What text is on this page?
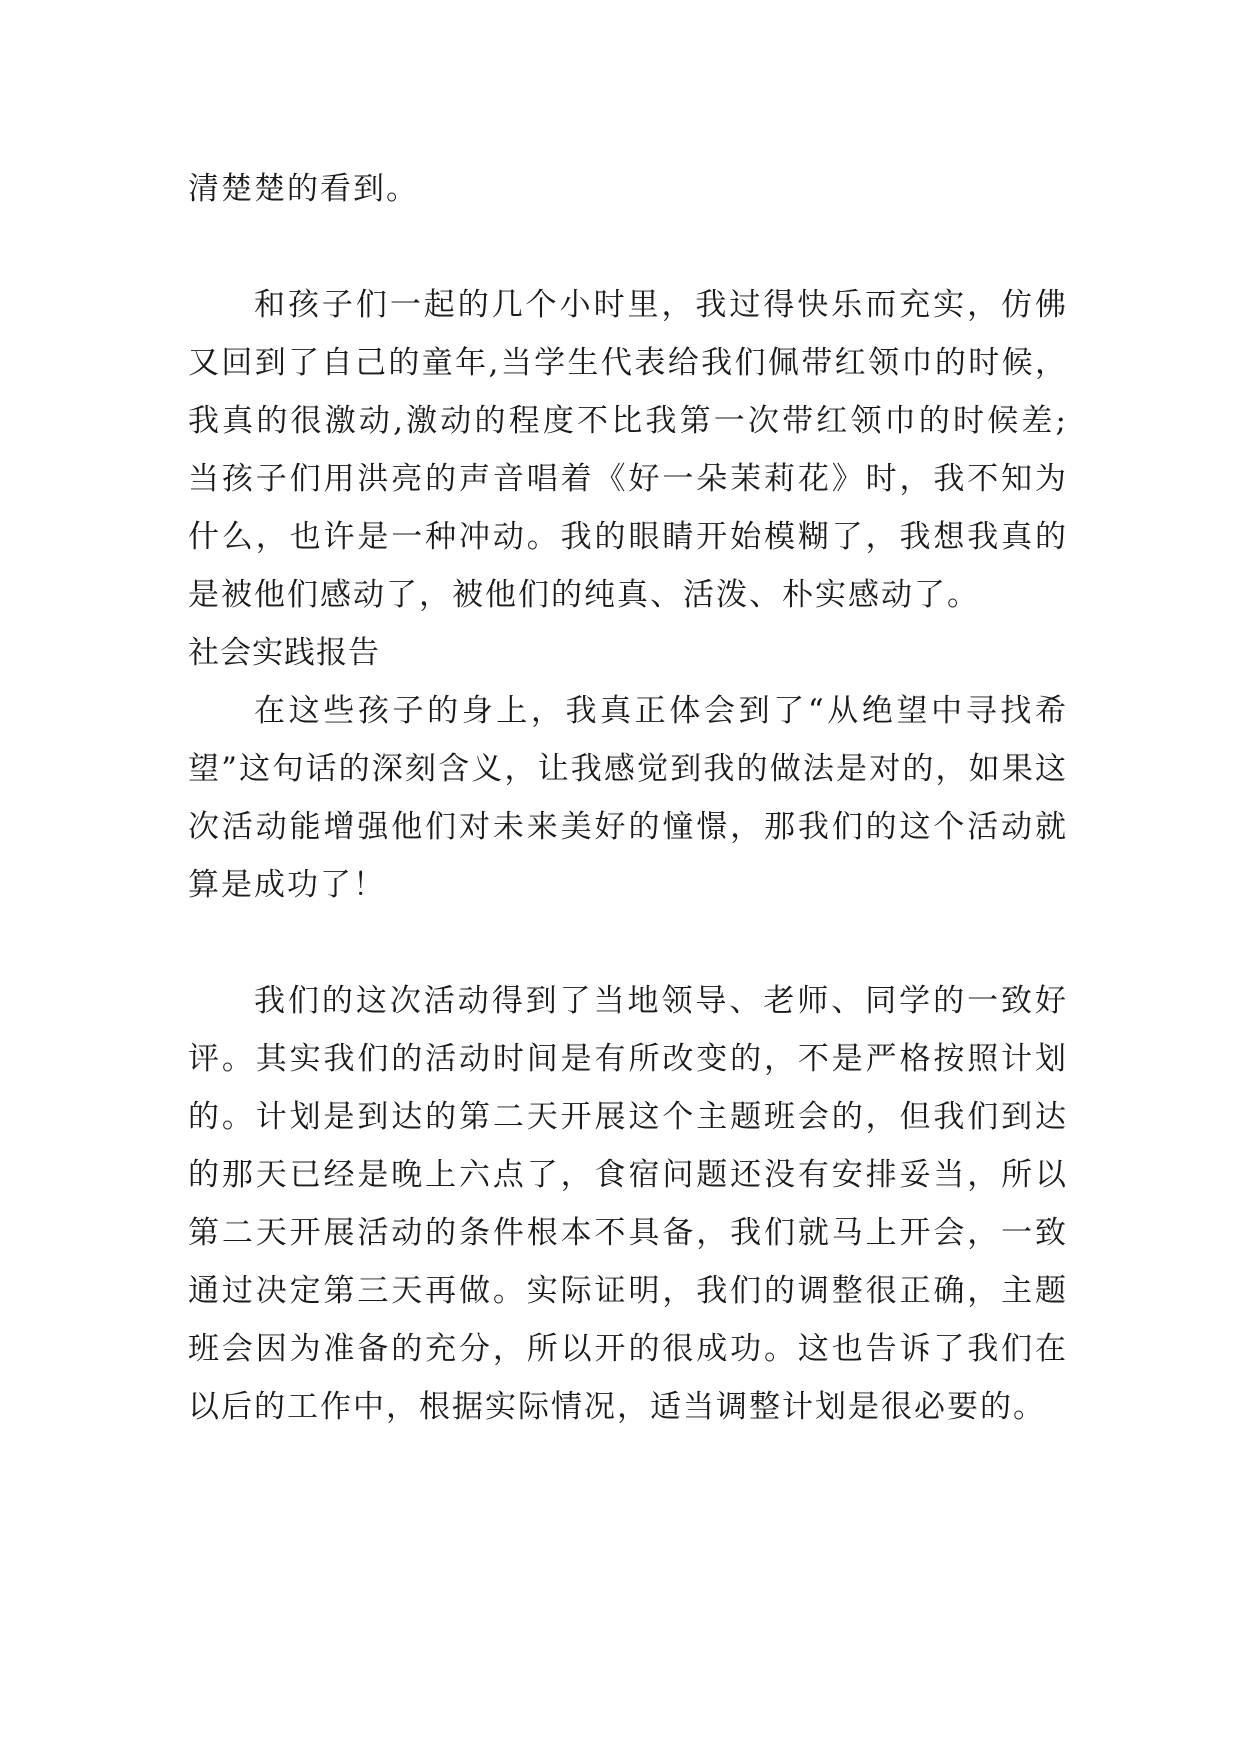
清楚楚的看到。

和孩子们一起的几个小时里，我过得快乐而充实，仿佛又回到了自己的童年,当学生代表给我们佩带红领巾的时候，我真的很激动,激动的程度不比我第一次带红领巾的时候差;当孩子们用洪亮的声音唱着《好一朵茉莉花》时，我不知为什么，也许是一种冲动。我的眼睛开始模糊了，我想我真的是被他们感动了，被他们的纯真、活泼、朴实感动了。

社会实践报告

在这些孩子的身上，我真正体会到了“从绝望中寻找希望”这句话的深刻含义，让我感觉到我的做法是对的，如果这次活动能增强他们对未来美好的憧憬，那我们的这个活动就算是成功了！

我们的这次活动得到了当地领导、老师、同学的一致好评。其实我们的活动时间是有所改变的，不是严格按照计划的。计划是到达的第二天开展这个主题班会的，但我们到达的那天已经是晚上六点了，食宿问题还没有安排妥当，所以第二天开展活动的条件根本不具备，我们就马上开会，一致通过决定第三天再做。实际证明，我们的调整很正确，主题班会因为准备的充分，所以开的很成功。这也告诉了我们在以后的工作中，根据实际情况，适当调整计划是很必要的。
